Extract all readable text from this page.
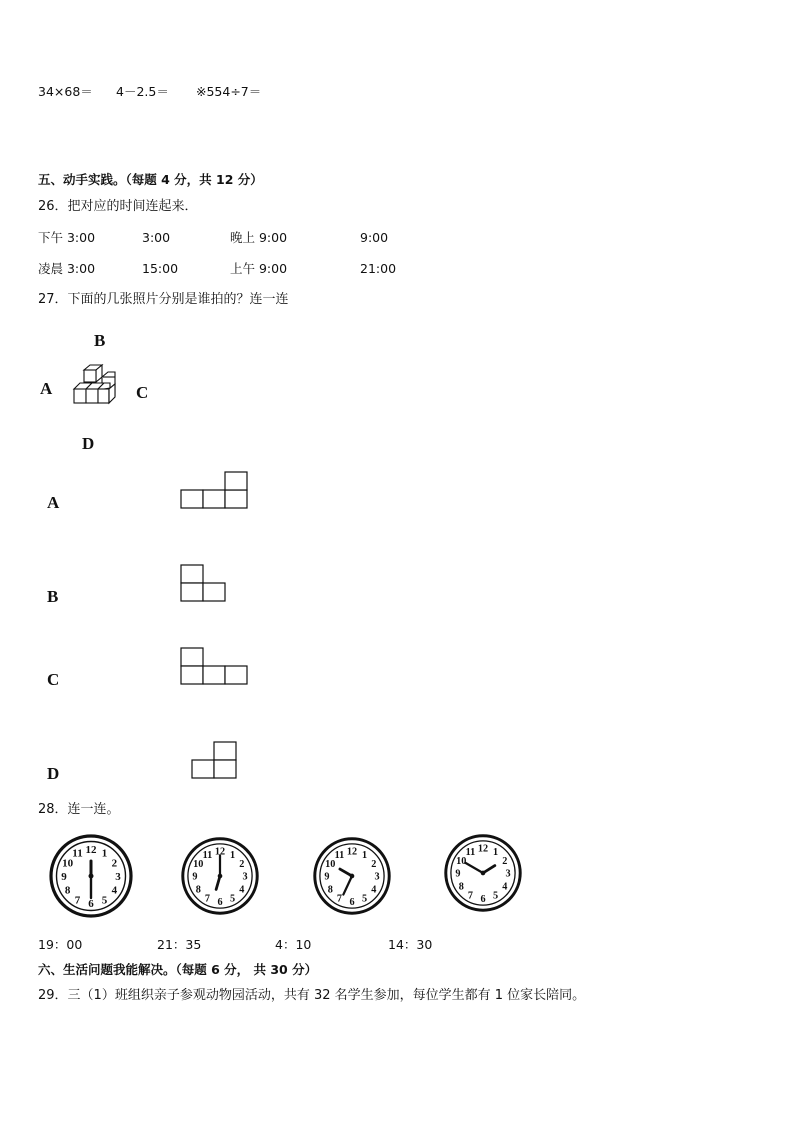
34×68＝ 4－2.5＝ ※554÷7＝
五、动手实践。（每题 4 分，共 12 分）
26．把对应的时间连起来．
下午 3:00	3:00	晚上 9:00	9:00
凌晨 3:00	15:00	上午 9:00	21:00
27．下面的几张照片分别是谁拍的？连一连
B
A	C
D
A
B
C
D
28．连一连。
1
2
3
4
5
6
7
8
9
10
11 12	1
2
3
4
5
6
7
8
9
10
11 12	1
2
3
4
5
6
7
8
9
10
11 12	1
2
3
4
5
6
7
8
9
10
11 12
19：00	21：35	4：10	14：30
六、生活问题我能解决。（每题 6 分， 共 30 分）
29．三（1）班组织亲子参观动物园活动，共有 32 名学生参加，每位学生都有 1 位家长陪同。
